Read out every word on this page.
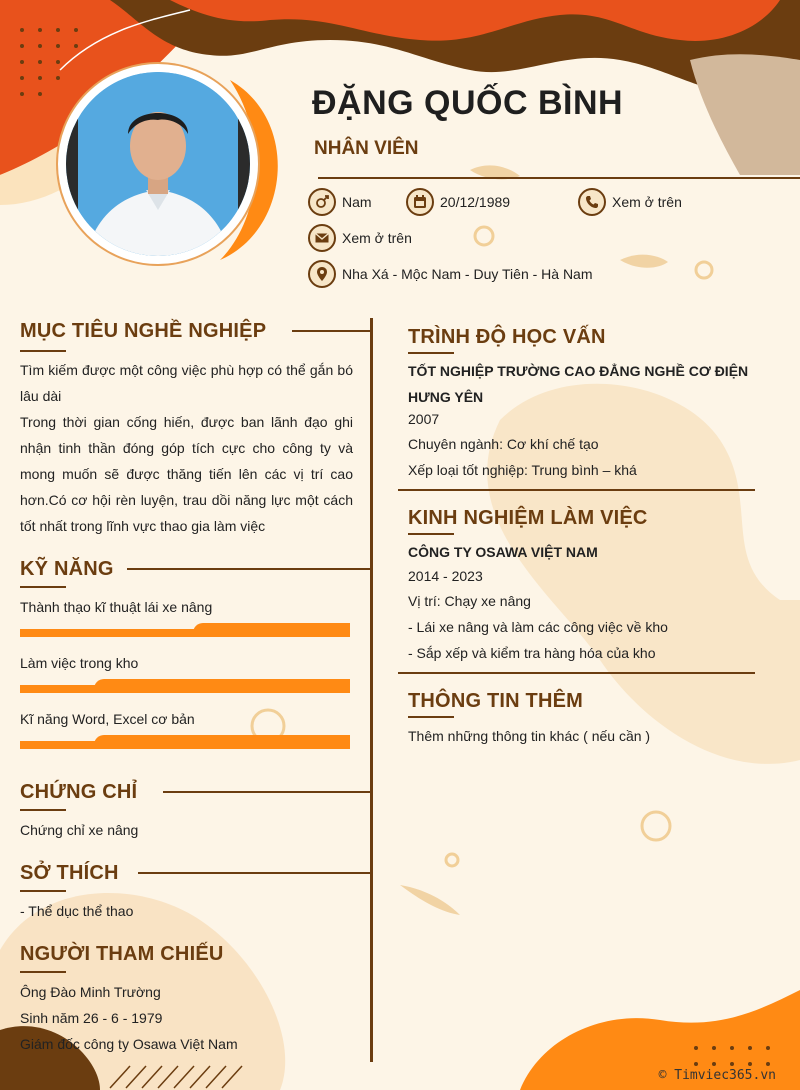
ĐẶNG QUỐC BÌNH
NHÂN VIÊN
Nam	20/12/1989	Xem ở trên
Xem ở trên
Nha Xá - Mộc Nam - Duy Tiên - Hà Nam
MỤC TIÊU NGHỀ NGHIỆP
Tìm kiếm được một công việc phù hợp có thể gắn bó lâu dài
Trong thời gian cống hiến, được ban lãnh đạo ghi nhận tinh thần đóng góp tích cực cho công ty và mong muốn sẽ được thăng tiến lên các vị trí cao hơn.Có cơ hội rèn luyện, trau dồi năng lực một cách tốt nhất trong lĩnh vực thao gia làm việc
KỸ NĂNG
Thành thạo kĩ thuật lái xe nâng
Làm việc trong kho
Kĩ năng Word, Excel cơ bản
CHỨNG CHỈ
Chứng chỉ xe nâng
SỞ THÍCH
- Thể dục thể thao
NGƯỜI THAM CHIẾU
Ông Đào Minh Trường
Sinh năm 26 - 6 - 1979
Giám đốc công ty Osawa Việt Nam
TRÌNH ĐỘ HỌC VẤN
TỐT NGHIỆP TRƯỜNG CAO ĐẲNG NGHỀ CƠ ĐIỆN HƯNG YÊN
2007
Chuyên ngành: Cơ khí chế tạo
Xếp loại tốt nghiệp: Trung bình – khá
KINH NGHIỆM LÀM VIỆC
CÔNG TY OSAWA VIỆT NAM
2014 - 2023
Vị trí: Chạy xe nâng
- Lái xe nâng và làm các công việc về kho
- Sắp xếp và kiểm tra hàng hóa của kho
THÔNG TIN THÊM
Thêm những thông tin khác ( nếu cần )
© Timviec365.vn
